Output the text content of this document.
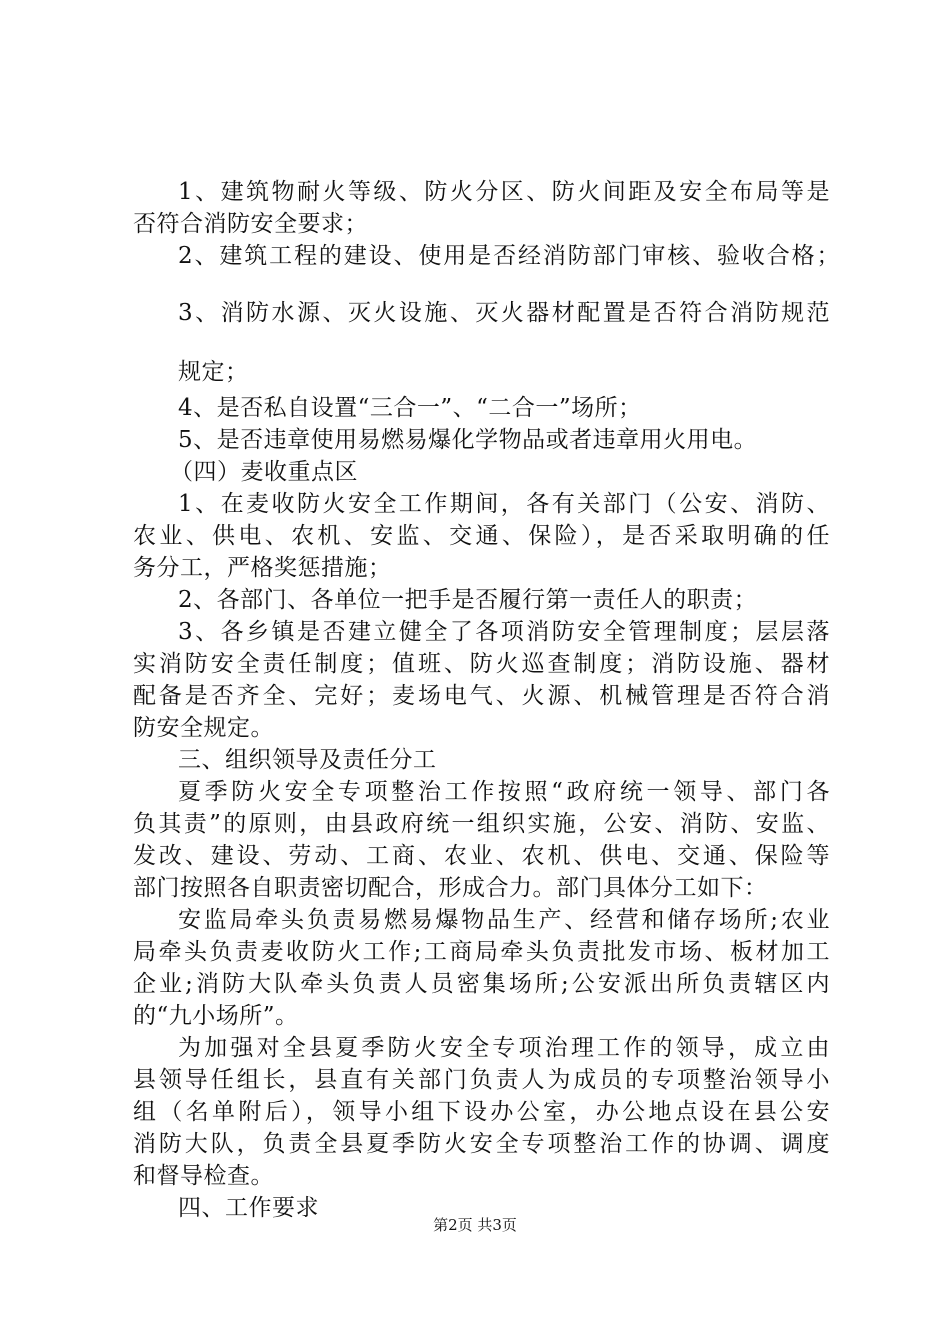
1、建筑物耐火等级、防火分区、防火间距及安全布局等是
否符合消防安全要求；
2、建筑工程的建设、使用是否经消防部门审核、验收合格；
3、消防水源、灭火设施、灭火器材配置是否符合消防规范
规定；
4、是否私自设置“三合一”、“二合一”场所；
5、是否违章使用易燃易爆化学物品或者违章用火用电。
（四）麦收重点区
1、在麦收防火安全工作期间，各有关部门（公安、消防、
农业、供电、农机、安监、交通、保险），是否采取明确的任
务分工，严格奖惩措施；
2、各部门、各单位一把手是否履行第一责任人的职责；
3、各乡镇是否建立健全了各项消防安全管理制度；层层落
实消防安全责任制度；值班、防火巡查制度；消防设施、器材
配备是否齐全、完好；麦场电气、火源、机械管理是否符合消
防安全规定。
三、组织领导及责任分工
夏季防火安全专项整治工作按照“政府统一领导、部门各
负其责”的原则，由县政府统一组织实施，公安、消防、安监、
发改、建设、劳动、工商、农业、农机、供电、交通、保险等
部门按照各自职责密切配合，形成合力。部门具体分工如下：
安监局牵头负责易燃易爆物品生产、经营和储存场所;农业
局牵头负责麦收防火工作;工商局牵头负责批发市场、板材加工
企业;消防大队牵头负责人员密集场所;公安派出所负责辖区内
的“九小场所”。
为加强对全县夏季防火安全专项治理工作的领导，成立由
县领导任组长，县直有关部门负责人为成员的专项整治领导小
组（名单附后），领导小组下设办公室，办公地点设在县公安
消防大队，负责全县夏季防火安全专项整治工作的协调、调度
和督导检查。
四、工作要求
第2页 共3页
